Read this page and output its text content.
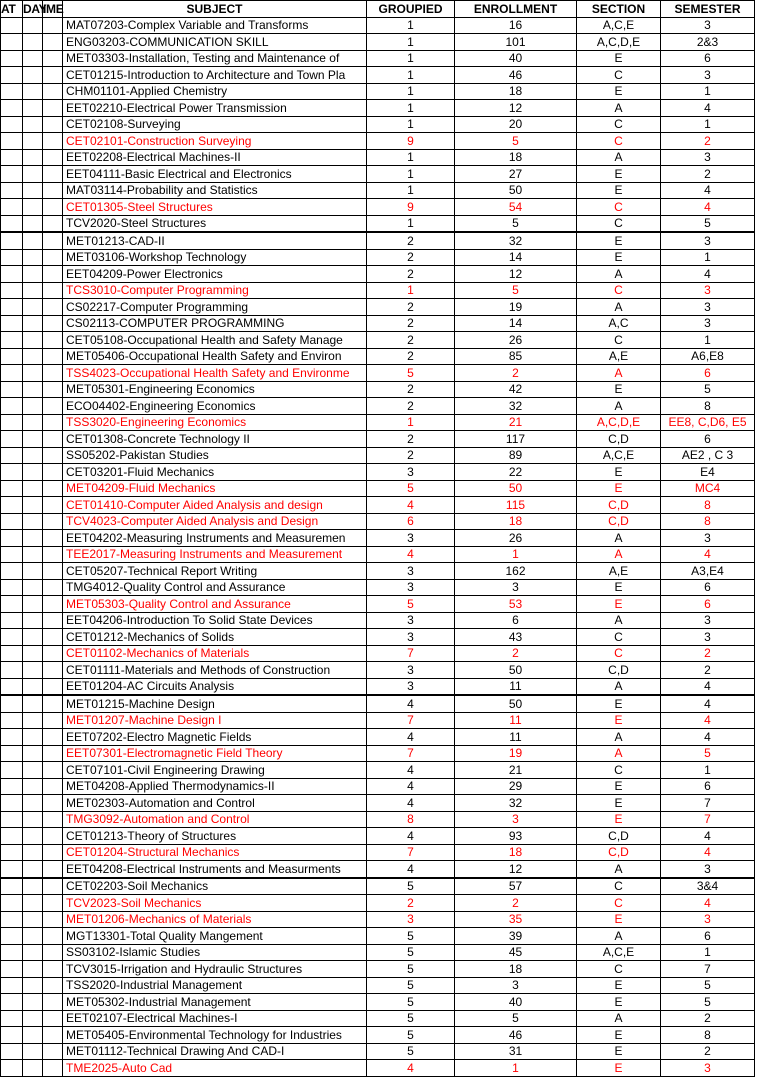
AT	DAY	IME	SUBJECT	GROUPIED	ENROLLMENT	SECTION	SEMESTER
			MAT07203-Complex Variable and Transforms	1	16	A,C,E	3
			ENG03203-COMMUNICATION SKILL	1	101	A,C,D,E	2&3
			MET03303-Installation, Testing and Maintenance of	1	40	E	6
			CET01215-Introduction to Architecture and Town Pla	1	46	C	3
			CHM01101-Applied Chemistry	1	18	E	1
			EET02210-Electrical Power Transmission	1	12	A	4
			CET02108-Surveying	1	20	C	1
			CET02101-Construction Surveying	9	5	C	2
			EET02208-Electrical Machines-II	1	18	A	3
			EET04111-Basic Electrical and Electronics	1	27	E	2
			MAT03114-Probability and Statistics	1	50	E	4
			CET01305-Steel Structures	9	54	C	4
			TCV2020-Steel Structures	1	5	C	5
			MET01213-CAD-II	2	32	E	3
			MET03106-Workshop Technology	2	14	E	1
			EET04209-Power Electronics	2	12	A	4
			TCS3010-Computer Programming	1	5	C	3
			CS02217-Computer Programming	2	19	A	3
			CS02113-COMPUTER PROGRAMMING	2	14	A,C	3
			CET05108-Occupational Health and Safety Manage	2	26	C	1
			MET05406-Occupational Health Safety and Environ	2	85	A,E	A6,E8
			TSS4023-Occupational Health Safety and Environme	5	2	A	6
			MET05301-Engineering Economics	2	42	E	5
			ECO04402-Engineering Economics	2	32	A	8
			TSS3020-Engineering Economics	1	21	A,C,D,E	EE8, C,D6, E5
			CET01308-Concrete Technology II	2	117	C,D	6
			SS05202-Pakistan Studies	2	89	A,C,E	AE2 , C 3
			CET03201-Fluid Mechanics	3	22	E	E4
			MET04209-Fluid Mechanics	5	50	E	MC4
			CET01410-Computer Aided Analysis and design	4	115	C,D	8
			TCV4023-Computer Aided Analysis and Design	6	18	C,D	8
			EET04202-Measuring Instruments and Measuremen	3	26	A	3
			TEE2017-Measuring Instruments and Measurement	4	1	A	4
			CET05207-Technical Report Writing	3	162	A,E	A3,E4
			TMG4012-Quality Control and Assurance	3	3	E	6
			MET05303-Quality Control and Assurance	5	53	E	6
			EET04206-Introduction To Solid State Devices	3	6	A	3
			CET01212-Mechanics of Solids	3	43	C	3
			CET01102-Mechanics of Materials	7	2	C	2
			CET01111-Materials and Methods of Construction	3	50	C,D	2
			EET01204-AC Circuits Analysis	3	11	A	4
			MET01215-Machine Design	4	50	E	4
			MET01207-Machine Design I	7	11	E	4
			EET07202-Electro Magnetic Fields	4	11	A	4
			EET07301-Electromagnetic Field Theory	7	19	A	5
			CET07101-Civil Engineering Drawing	4	21	C	1
			MET04208-Applied Thermodynamics-II	4	29	E	6
			MET02303-Automation and Control	4	32	E	7
			TMG3092-Automation and Control	8	3	E	7
			CET01213-Theory of Structures	4	93	C,D	4
			CET01204-Structural Mechanics	7	18	C,D	4
			EET04208-Electrical Instruments and Measurments	4	12	A	3
			CET02203-Soil Mechanics	5	57	C	3&4
			TCV2023-Soil Mechanics	2	2	C	4
			MET01206-Mechanics of Materials	3	35	E	3
			MGT13301-Total Quality Mangement	5	39	A	6
			SS03102-Islamic Studies	5	45	A,C,E	1
			TCV3015-Irrigation and Hydraulic Structures	5	18	C	7
			TSS2020-Industrial Management	5	3	E	5
			MET05302-Industrial Management	5	40	E	5
			EET02107-Electrical Machines-I	5	5	A	2
			MET05405-Environmental Technology for Industries	5	46	E	8
			MET01112-Technical Drawing And CAD-I	5	31	E	2
			TME2025-Auto Cad	4	1	E	3
